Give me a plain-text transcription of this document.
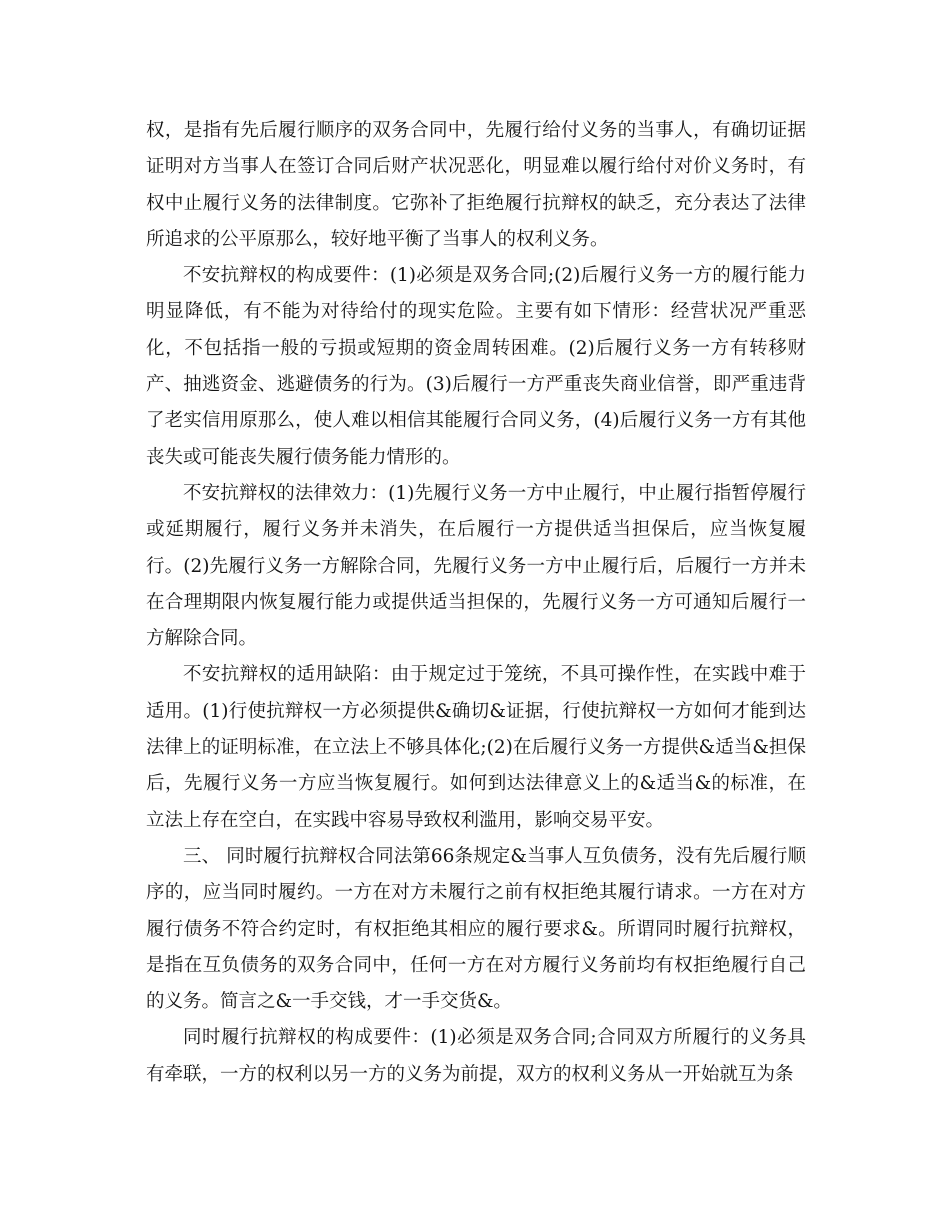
权，是指有先后履行顺序的双务合同中，先履行给付义务的当事人，有确切证据证明对方当事人在签订合同后财产状况恶化，明显难以履行给付对价义务时，有权中止履行义务的法律制度。它弥补了拒绝履行抗辩权的缺乏，充分表达了法律所追求的公平原那么，较好地平衡了当事人的权利义务。

不安抗辩权的构成要件：(1)必须是双务合同;(2)后履行义务一方的履行能力明显降低，有不能为对待给付的现实危险。主要有如下情形：经营状况严重恶化，不包括指一般的亏损或短期的资金周转困难。(2)后履行义务一方有转移财产、抽逃资金、逃避债务的行为。(3)后履行一方严重丧失商业信誉，即严重违背了老实信用原那么，使人难以相信其能履行合同义务，(4)后履行义务一方有其他丧失或可能丧失履行债务能力情形的。

不安抗辩权的法律效力：(1)先履行义务一方中止履行，中止履行指暂停履行或延期履行，履行义务并未消失，在后履行一方提供适当担保后，应当恢复履行。(2)先履行义务一方解除合同，先履行义务一方中止履行后，后履行一方并未在合理期限内恢复履行能力或提供适当担保的，先履行义务一方可通知后履行一方解除合同。

不安抗辩权的适用缺陷：由于规定过于笼统，不具可操作性，在实践中难于适用。(1)行使抗辩权一方必须提供&确切&证据，行使抗辩权一方如何才能到达法律上的证明标准，在立法上不够具体化;(2)在后履行义务一方提供&适当&担保后，先履行义务一方应当恢复履行。如何到达法律意义上的&适当&的标准，在立法上存在空白，在实践中容易导致权利滥用，影响交易平安。

三、 同时履行抗辩权合同法第66条规定&当事人互负债务，没有先后履行顺序的，应当同时履约。一方在对方未履行之前有权拒绝其履行请求。一方在对方履行债务不符合约定时，有权拒绝其相应的履行要求&。所谓同时履行抗辩权，是指在互负债务的双务合同中，任何一方在对方履行义务前均有权拒绝履行自己的义务。简言之&一手交钱，才一手交货&。

同时履行抗辩权的构成要件：(1)必须是双务合同;合同双方所履行的义务具有牵联，一方的权利以另一方的义务为前提，双方的权利义务从一开始就互为条
